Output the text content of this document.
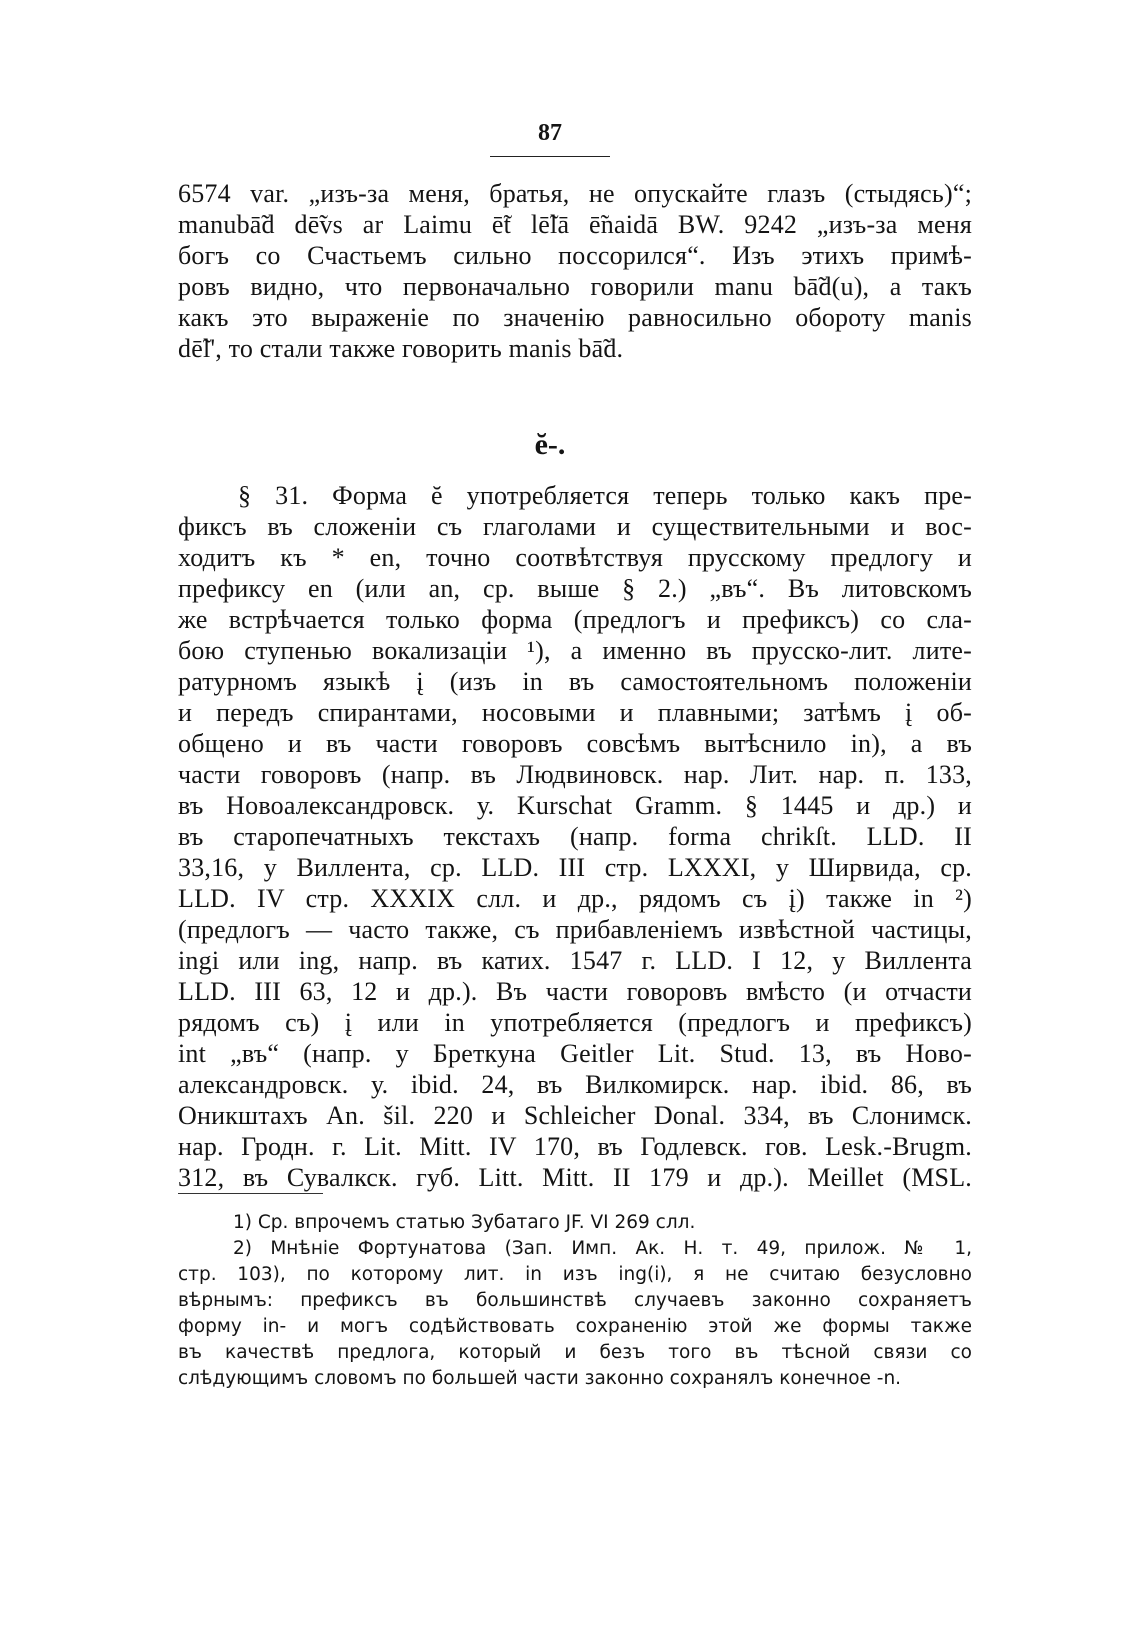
87
6574 var. „изъ-за меня, братья, не опускайте глазъ (стыдясь)“;
manubā̃d dē̃vs ar Laimu ē̃t lē̃lā ē̃naidā BW. 9242 „изъ-за меня
богъ со Счастьемъ сильно поссорился“. Изъ этихъ примѣ-
ровъ видно, что первоначально говорили manu bā̃d(u), а такъ
какъ это выраженіе по значенію равносильно обороту manis
dē̃l', то стали также говорить manis bā̃d.
ĕ-.
§ 31. Форма ĕ употребляется теперь только какъ пре-
фиксъ въ сложеніи съ глаголами и существительными и вос-
ходитъ къ * en, точно соотвѣтствуя прусскому предлогу и
префиксу en (или an, ср. выше § 2.) „въ“. Въ литовскомъ
же встрѣчается только форма (предлогъ и префиксъ) со сла-
бою ступенью вокализаціи ¹), а именно въ прусско-лит. лите-
ратурномъ языкѣ į (изъ in въ самостоятельномъ положеніи
и передъ спирантами, носовыми и плавными; затѣмъ į об-
общено и въ части говоровъ совсѣмъ вытѣснило in), а въ
части говоровъ (напр. въ Людвиновск. нар. Лит. нар. п. 133,
въ Новоалександровск. у. Kurschat Gramm. § 1445 и др.) и
въ старопечатныхъ текстахъ (напр. forma chrikſt. LLD. II
33,16, у Виллента, ср. LLD. III стр. LXXXI, у Ширвида, ср.
LLD. IV стр. XXXIX слл. и др., рядомъ съ į) также in ²)
(предлогъ — часто также, съ прибавленіемъ извѣстной частицы,
ingi или ing, напр. въ катих. 1547 г. LLD. I 12, у Виллента
LLD. III 63, 12 и др.). Въ части говоровъ вмѣсто (и отчасти
рядомъ съ) į или in употребляется (предлогъ и префиксъ)
int „въ“ (напр. у Бреткуна Geitler Lit. Stud. 13, въ Ново-
александровск. у. ibid. 24, въ Вилкомирск. нар. ibid. 86, въ
Оникштахъ An. šil. 220 и Schleicher Donal. 334, въ Слонимск.
нар. Гродн. г. Lit. Mitt. IV 170, въ Годлевск. гов. Lesk.-Brugm.
312, въ Сувалкск. губ. Litt. Mitt. II 179 и др.). Meillet (MSL.
1) Ср. впрочемъ статью Зубатаго JF. VI 269 слл.
2) Мнѣніе Фортунатова (Зап. Имп. Ак. Н. т. 49, прилож. № 1,
стр. 103), по которому лит. in изъ ing(i), я не считаю безусловно
вѣрнымъ: префиксъ въ большинствѣ случаевъ законно сохраняетъ
форму in- и могъ содѣйствовать сохраненію этой же формы также
въ качествѣ предлога, который и безъ того въ тѣсной связи со
слѣдующимъ словомъ по большей части законно сохранялъ конечное -n.
